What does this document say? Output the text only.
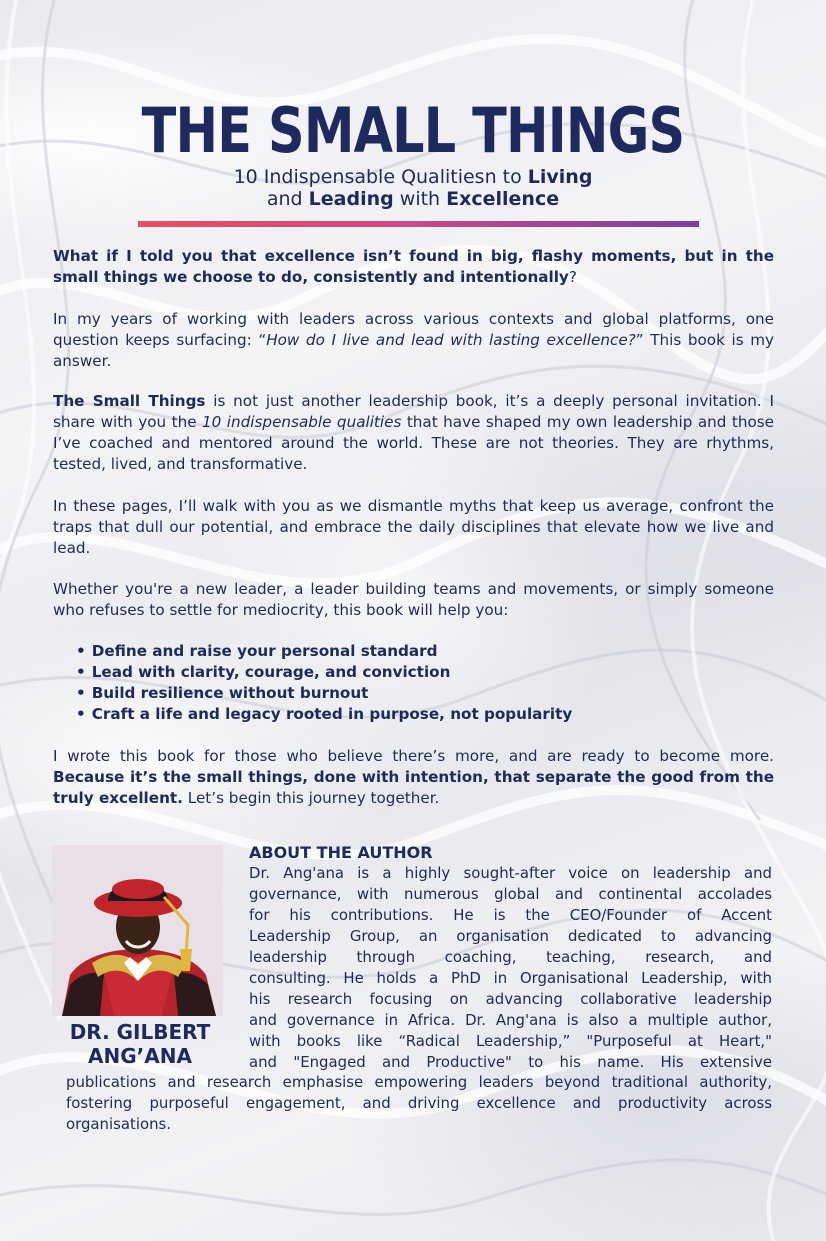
THE SMALL THINGS
10 Indispensable Qualitiesn to Living
and Leading with Excellence
What if I told you that excellence isn’t found in big, flashy moments, but in the small things we choose to do, consistently and intentionally?
In my years of working with leaders across various contexts and global platforms, one question keeps surfacing: “How do I live and lead with lasting excellence?” This book is my answer.
The Small Things is not just another leadership book, it’s a deeply personal invitation. I share with you the 10 indispensable qualities that have shaped my own leadership and those I’ve coached and mentored around the world. These are not theories. They are rhythms, tested, lived, and transformative.
In these pages, I’ll walk with you as we dismantle myths that keep us average, confront the traps that dull our potential, and embrace the daily disciplines that elevate how we live and lead.
Whether you're a new leader, a leader building teams and movements, or simply someone who refuses to settle for mediocrity, this book will help you:
• Define and raise your personal standard
• Lead with clarity, courage, and conviction
• Build resilience without burnout
• Craft a life and legacy rooted in purpose, not popularity
I wrote this book for those who believe there’s more, and are ready to become more. Because it’s the small things, done with intention, that separate the good from the truly excellent. Let’s begin this journey together.
DR. GILBERT
ANG’ANA
ABOUT THE AUTHOR
Dr. Ang'ana is a highly sought-after voice on leadership and
governance, with numerous global and continental accolades
for his contributions. He is the CEO/Founder of Accent
Leadership Group, an organisation dedicated to advancing
leadership through coaching, teaching, research, and
consulting. He holds a PhD in Organisational Leadership, with
his research focusing on advancing collaborative leadership
and governance in Africa. Dr. Ang'ana is also a multiple author,
with books like “Radical Leadership,” "Purposeful at Heart,"
and "Engaged and Productive" to his name. His extensive
publications and research emphasise empowering leaders beyond traditional authority, fostering purposeful engagement, and driving excellence and productivity across organisations.
